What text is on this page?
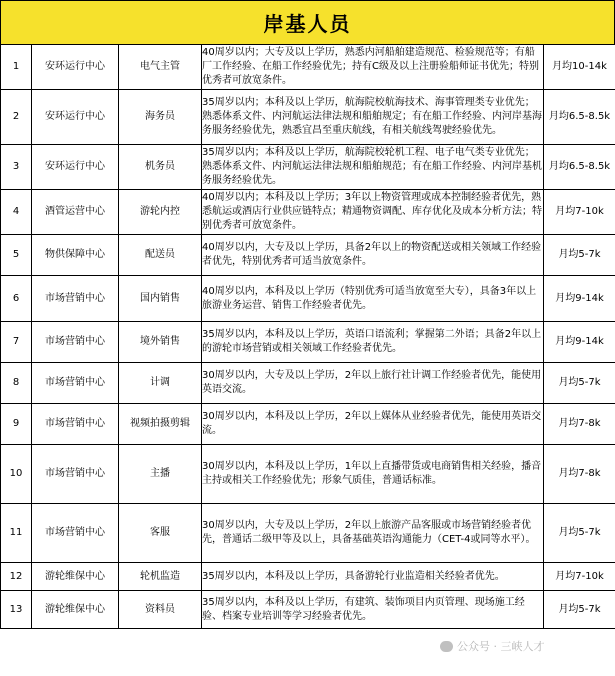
岸基人员
1	安环运行中心	电气主管	40周岁以内；大专及以上学历，熟悉内河船舶建造规范、检验规范等；有船厂工作经验、在船工作经验优先；持有C级及以上注册验船师证书优先；特别优秀者可放宽条件。	月均10-14k
2	安环运行中心	海务员	35周岁以内；本科及以上学历，航海院校航海技术、海事管理类专业优先；熟悉体系文件、内河航运法律法规和船舶规定；有在船工作经验、内河岸基海务服务经验优先，熟悉宜昌至重庆航线，有相关航线驾驶经验优先。	月均6.5-8.5k
3	安环运行中心	机务员	35周岁以内；本科及以上学历，航海院校轮机工程、电子电气类专业优先；熟悉体系文件、内河航运法律法规和船舶规范；有在船工作经验、内河岸基机务服务经验优先。	月均6.5-8.5k
4	酒管运营中心	游轮内控	40周岁以内；本科及以上学历；3年以上物资管理或成本控制经验者优先，熟悉航运或酒店行业供应链特点；精通物资调配、库存优化及成本分析方法；特别优秀者可放宽条件。	月均7-10k
5	物供保障中心	配送员	40周岁以内，大专及以上学历，具备2年以上的物资配送或相关领域工作经验者优先，特别优秀者可适当放宽条件。	月均5-7k
6	市场营销中心	国内销售	40周岁以内，本科及以上学历（特别优秀可适当放宽至大专），具备3年以上旅游业务运营、销售工作经验者优先。	月均9-14k
7	市场营销中心	境外销售	35周岁以内，本科及以上学历，英语口语流利；掌握第二外语；具备2年以上的游轮市场营销或相关领域工作经验者优先。	月均9-14k
8	市场营销中心	计调	30周岁以内，大专及以上学历，2年以上旅行社计调工作经验者优先，能使用英语交流。	月均5-7k
9	市场营销中心	视频拍摄剪辑	30周岁以内，本科及以上学历，2年以上媒体从业经验者优先，能使用英语交流。	月均7-8k
10	市场营销中心	主播	30周岁以内，本科及以上学历，1年以上直播带货或电商销售相关经验，播音主持或相关工作经验优先；形象气质佳，普通话标准。	月均7-8k
11	市场营销中心	客服	30周岁以内，大专及以上学历，2年以上旅游产品客服或市场营销经验者优先，普通话二级甲等及以上，具备基础英语沟通能力（CET-4或同等水平）。	月均5-7k
12	游轮维保中心	轮机监造	35周岁以内，本科及以上学历，具备游轮行业监造相关经验者优先。	月均7-10k
13	游轮维保中心	资料员	35周岁以内，本科及以上学历，有建筑、装饰项目内页管理、现场施工经验、档案专业培训等学习经验者优先。	月均5-7k
公众号 · 三峡人才
